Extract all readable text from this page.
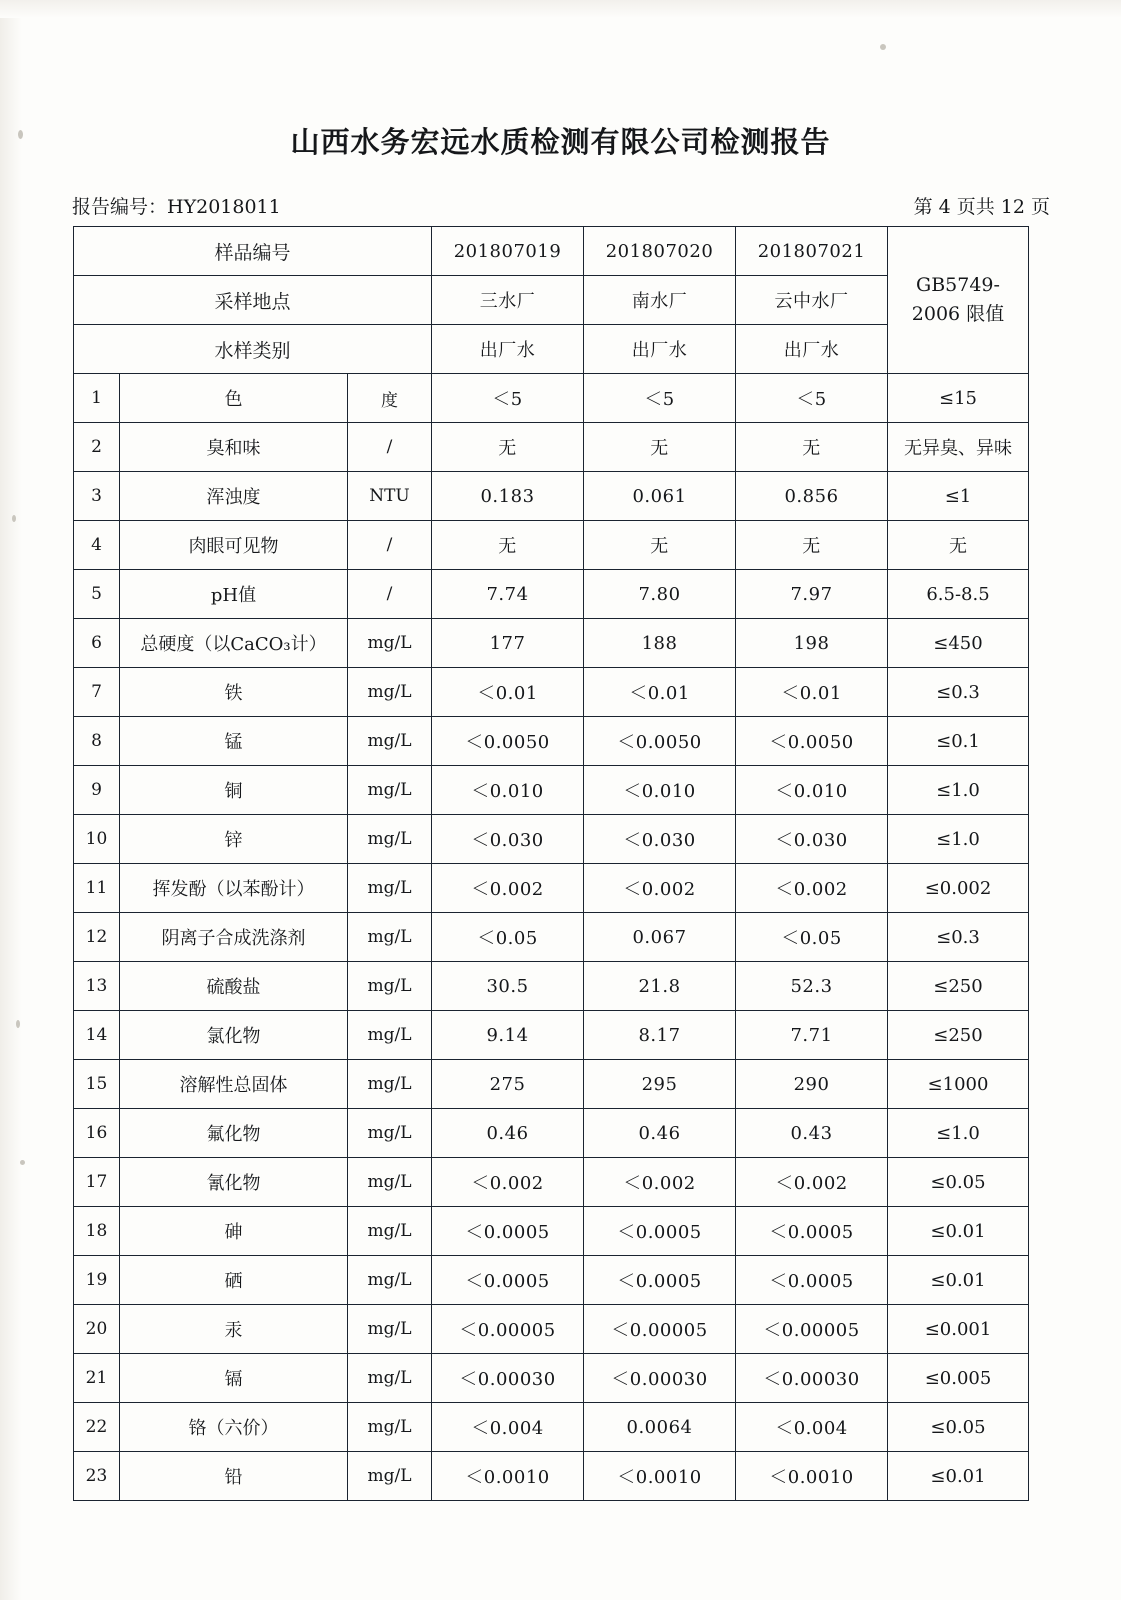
山西水务宏远水质检测有限公司检测报告
报告编号：HY2018011	第 4 页共 12 页
样品编号			201807019	201807020	201807021	GB5749-
2006 限值

采样地点			三水厂	南水厂	云中水厂	
水样类别			出厂水	出厂水	出厂水	
1	色	度	＜5	＜5	＜5	≤15
2	臭和味	/	无	无	无	无异臭、异味
3	浑浊度	NTU	0.183	0.061	0.856	≤1
4	肉眼可见物	/	无	无	无	无
5	pH值	/	7.74	7.80	7.97	6.5-8.5
6	总硬度（以CaCO₃计）	mg/L	177	188	198	≤450
7	铁	mg/L	＜0.01	＜0.01	＜0.01	≤0.3
8	锰	mg/L	＜0.0050	＜0.0050	＜0.0050	≤0.1
9	铜	mg/L	＜0.010	＜0.010	＜0.010	≤1.0
10	锌	mg/L	＜0.030	＜0.030	＜0.030	≤1.0
11	挥发酚（以苯酚计）	mg/L	＜0.002	＜0.002	＜0.002	≤0.002
12	阴离子合成洗涤剂	mg/L	＜0.05	0.067	＜0.05	≤0.3
13	硫酸盐	mg/L	30.5	21.8	52.3	≤250
14	氯化物	mg/L	9.14	8.17	7.71	≤250
15	溶解性总固体	mg/L	275	295	290	≤1000
16	氟化物	mg/L	0.46	0.46	0.43	≤1.0
17	氰化物	mg/L	＜0.002	＜0.002	＜0.002	≤0.05
18	砷	mg/L	＜0.0005	＜0.0005	＜0.0005	≤0.01
19	硒	mg/L	＜0.0005	＜0.0005	＜0.0005	≤0.01
20	汞	mg/L	＜0.00005	＜0.00005	＜0.00005	≤0.001
21	镉	mg/L	＜0.00030	＜0.00030	＜0.00030	≤0.005
22	铬（六价）	mg/L	＜0.004	0.0064	＜0.004	≤0.05
23	铅	mg/L	＜0.0010	＜0.0010	＜0.0010	≤0.01
